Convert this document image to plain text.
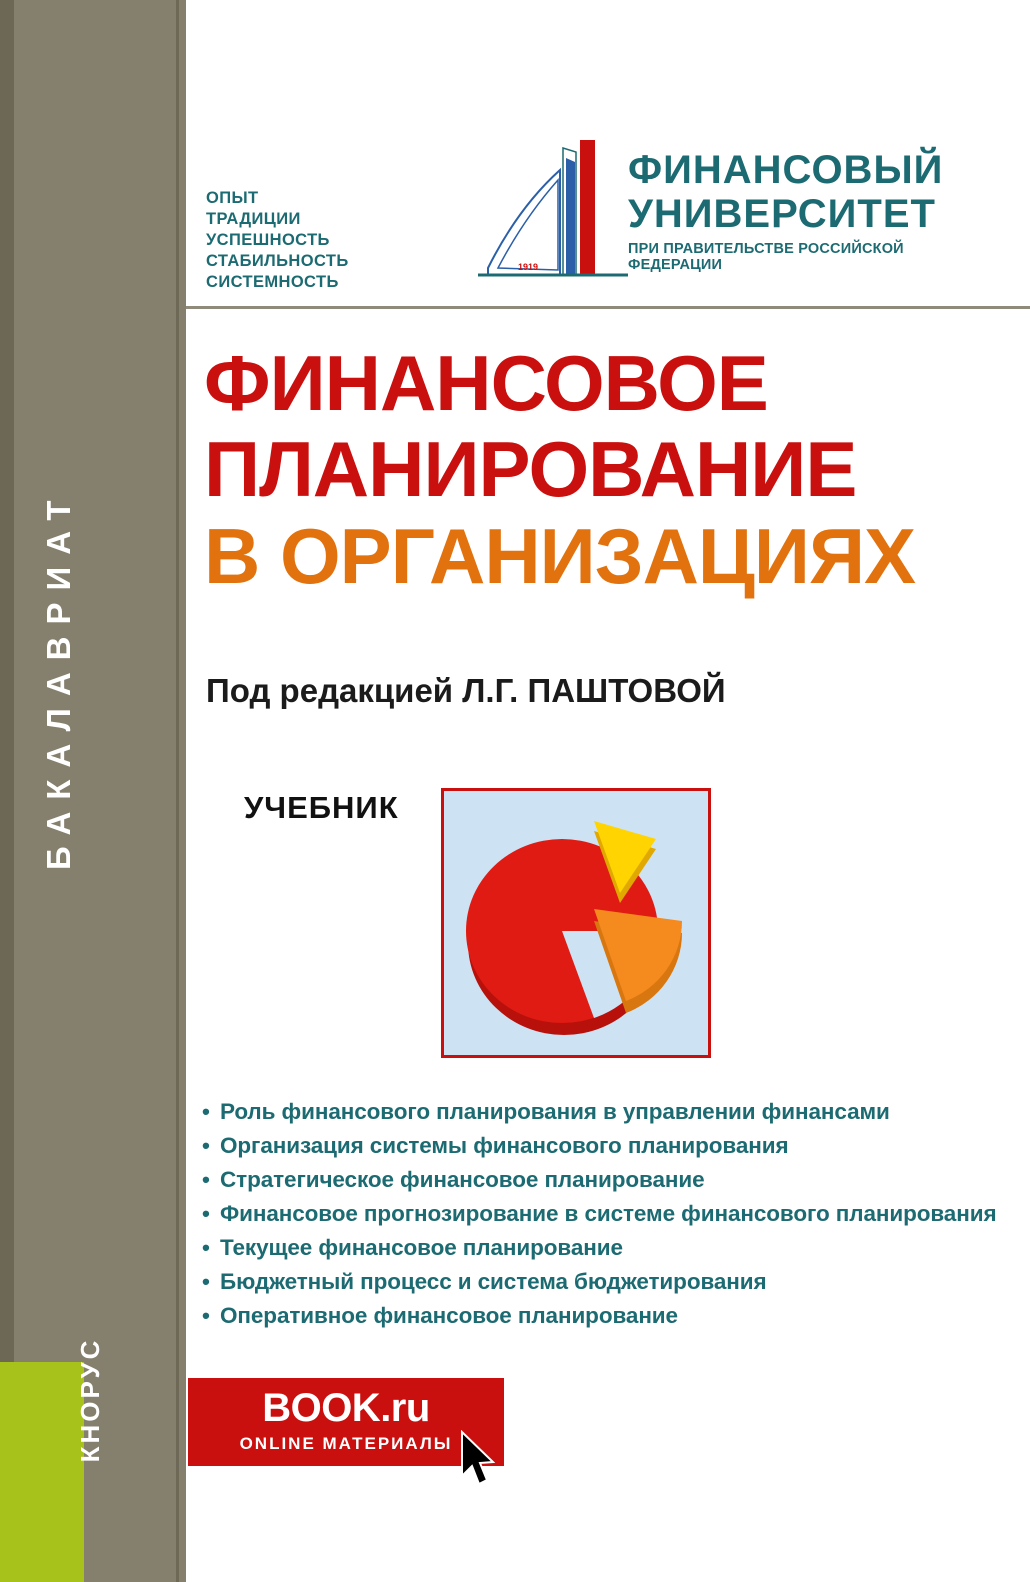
БАКАЛАВРИАТ
КНОРУС
ОПЫТ
ТРАДИЦИИ
УСПЕШНОСТЬ
СТАБИЛЬНОСТЬ
СИСТЕМНОСТЬ
1919
ФИНАНСОВЫЙ
УНИВЕРСИТЕТ
ПРИ ПРАВИТЕЛЬСТВЕ РОССИЙСКОЙ ФЕДЕРАЦИИ
ФИНАНСОВОЕ
ПЛАНИРОВАНИЕ
В ОРГАНИЗАЦИЯХ
Под редакцией Л.Г. ПАШТОВОЙ
УЧЕБНИК
• Роль финансового планирования в управлении финансами
• Организация системы финансового планирования
• Стратегическое финансовое планирование
• Финансовое прогнозирование в системе финансового планирования
• Текущее финансовое планирование
• Бюджетный процесс и система бюджетирования
• Оперативное финансовое планирование
BOOK.ru
ONLINE МАТЕРИАЛЫ
